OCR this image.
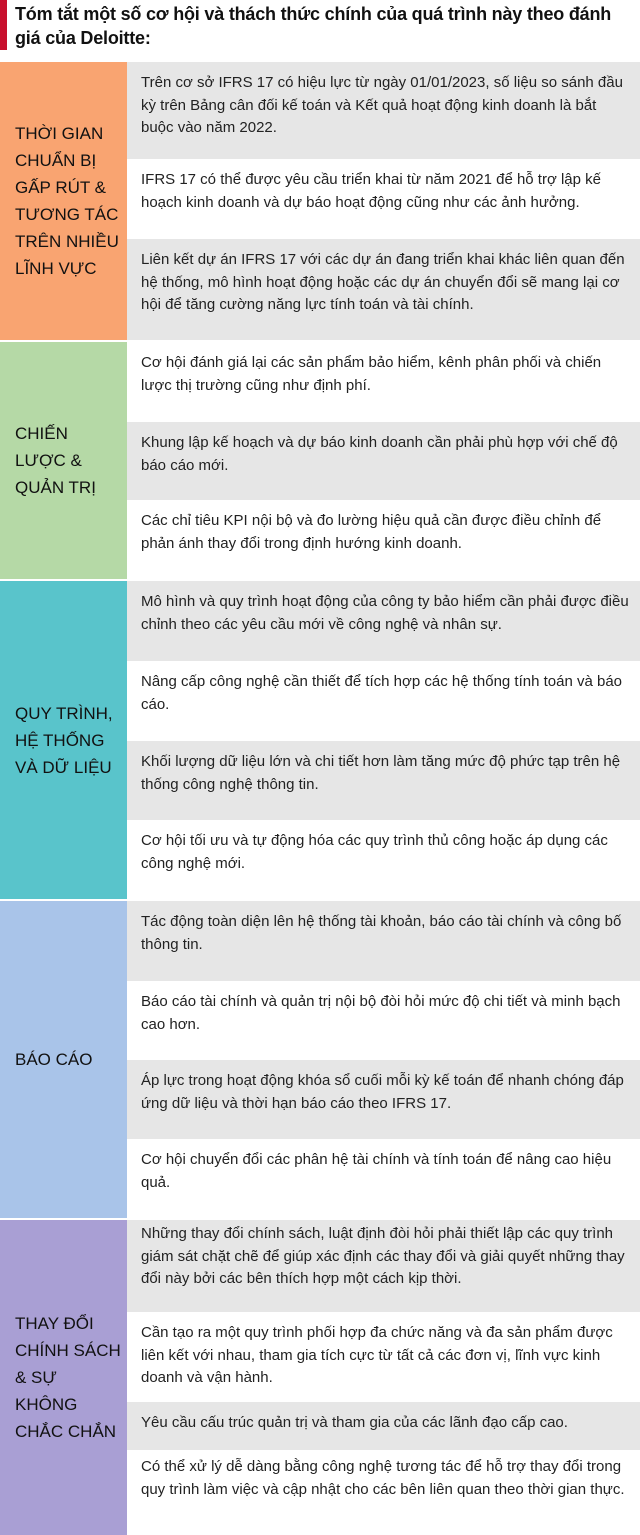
Tóm tắt một số cơ hội và thách thức chính của quá trình này theo đánh giá của Deloitte:
THỜI GIAN CHUẨN BỊ GẤP RÚT & TƯƠNG TÁC TRÊN NHIỀU LĨNH VỰC
Trên cơ sở IFRS 17 có hiệu lực từ ngày 01/01/2023, số liệu so sánh đầu kỳ trên Bảng cân đối kế toán và Kết quả hoạt động kinh doanh là bắt buộc vào năm 2022.
IFRS 17 có thể được yêu cầu triển khai từ năm 2021 để hỗ trợ lập kế hoạch kinh doanh và dự báo hoạt động cũng như các ảnh hưởng.
Liên kết dự án IFRS 17 với các dự án đang triển khai khác liên quan đến hệ thống, mô hình hoạt động hoặc các dự án chuyển đổi sẽ mang lại cơ hội để tăng cường năng lực tính toán và tài chính.
CHIẾN LƯỢC & QUẢN TRỊ
Cơ hội đánh giá lại các sản phẩm bảo hiểm, kênh phân phối và chiến lược thị trường cũng như định phí.
Khung lập kế hoạch và dự báo kinh doanh cần phải phù hợp với chế độ báo cáo mới.
Các chỉ tiêu KPI nội bộ và đo lường hiệu quả cần được điều chỉnh để phản ánh thay đổi trong định hướng kinh doanh.
QUY TRÌNH, HỆ THỐNG VÀ DỮ LIỆU
Mô hình và quy trình hoạt động của công ty bảo hiểm cần phải được điều chỉnh theo các yêu cầu mới về công nghệ và nhân sự.
Nâng cấp công nghệ cần thiết để tích hợp các hệ thống tính toán và báo cáo.
Khối lượng dữ liệu lớn và chi tiết hơn làm tăng mức độ phức tạp trên hệ thống công nghệ thông tin.
Cơ hội tối ưu và tự động hóa các quy trình thủ công hoặc áp dụng các công nghệ mới.
BÁO CÁO
Tác động toàn diện lên hệ thống tài khoản, báo cáo tài chính và công bố thông tin.
Báo cáo tài chính và quản trị nội bộ đòi hỏi mức độ chi tiết và minh bạch cao hơn.
Áp lực trong hoạt động khóa sổ cuối mỗi kỳ kế toán để nhanh chóng đáp ứng dữ liệu và thời hạn báo cáo theo IFRS 17.
Cơ hội chuyển đổi các phân hệ tài chính và tính toán để nâng cao hiệu quả.
THAY ĐỔI CHÍNH SÁCH & SỰ KHÔNG CHẮC CHẮN
Những thay đổi chính sách, luật định đòi hỏi phải thiết lập các quy trình giám sát chặt chẽ để giúp xác định các thay đổi và giải quyết những thay đổi này bởi các bên thích hợp một cách kịp thời.
Cần tạo ra một quy trình phối hợp đa chức năng và đa sản phẩm được liên kết với nhau, tham gia tích cực từ tất cả các đơn vị, lĩnh vực kinh doanh và vận hành.
Yêu cầu cấu trúc quản trị và tham gia của các lãnh đạo cấp cao.
Có thể xử lý dễ dàng bằng công nghệ tương tác để hỗ trợ thay đổi trong quy trình làm việc và cập nhật cho các bên liên quan theo thời gian thực.
